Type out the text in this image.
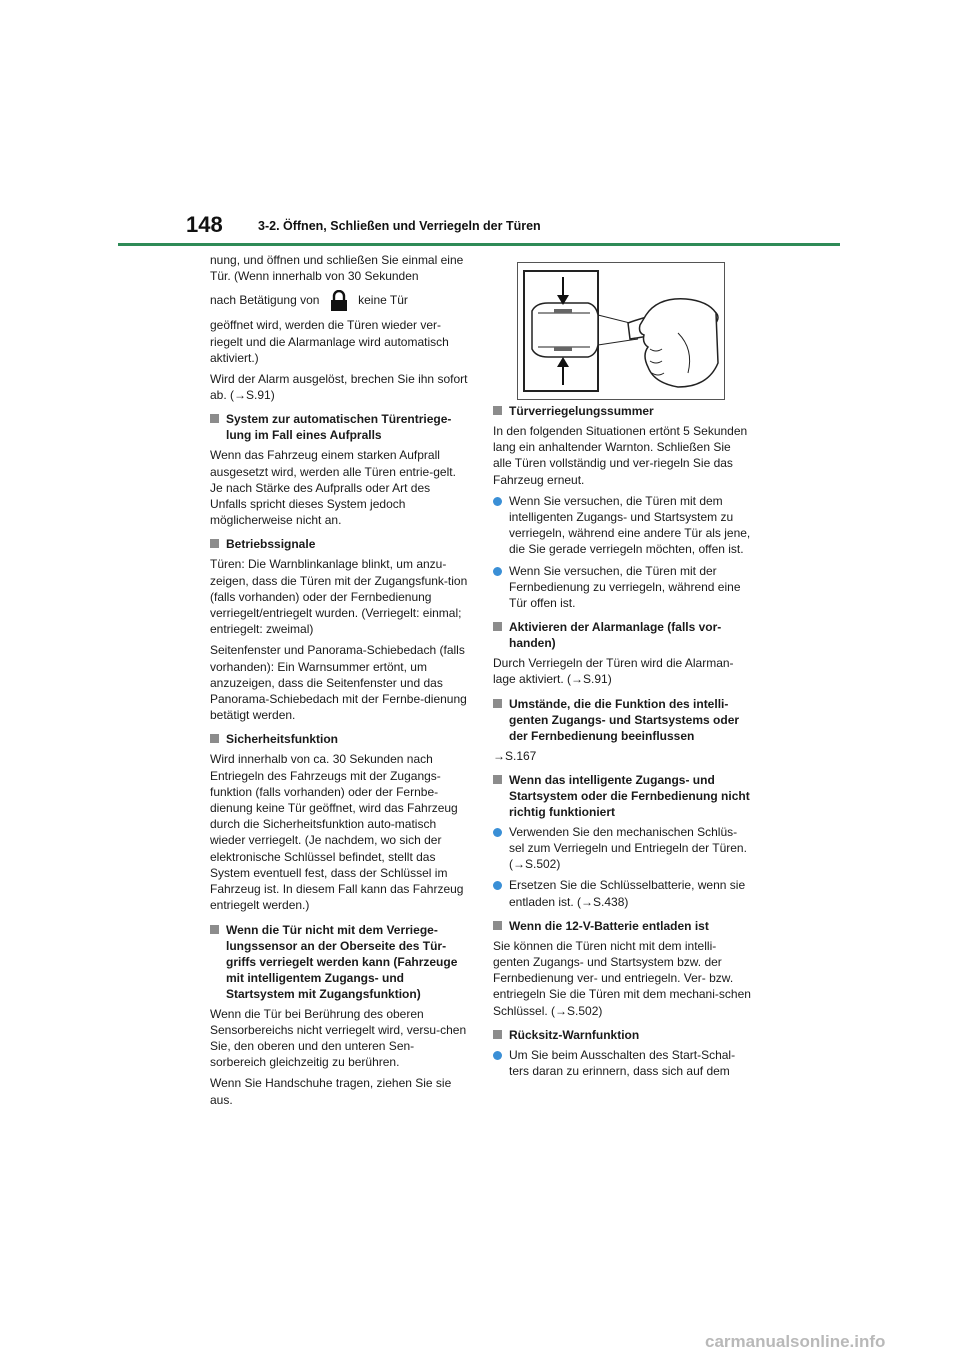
148	3-2. Öffnen, Schließen und Verriegeln der Türen

nung, und öffnen und schließen Sie einmal eine Tür. (Wenn innerhalb von 30 Sekunden

nach Betätigung von	keine Tür

geöffnet wird, werden die Türen wieder ver-riegelt und die Alarmanlage wird automatisch aktiviert.)

Wird der Alarm ausgelöst, brechen Sie ihn sofort ab. (→S.91)

System zur automatischen Türentriege-lung im Fall eines Aufpralls

Wenn das Fahrzeug einem starken Aufprall ausgesetzt wird, werden alle Türen entrie-gelt. Je nach Stärke des Aufpralls oder Art des Unfalls spricht dieses System jedoch möglicherweise nicht an.

Betriebssignale

Türen: Die Warnblinkanlage blinkt, um anzu-zeigen, dass die Türen mit der Zugangsfunk-tion (falls vorhanden) oder der Fernbedienung verriegelt/entriegelt wurden. (Verriegelt: einmal; entriegelt: zweimal)

Seitenfenster und Panorama-Schiebedach (falls vorhanden): Ein Warnsummer ertönt, um anzuzeigen, dass die Seitenfenster und das Panorama-Schiebedach mit der Fernbe-dienung betätigt werden.

Sicherheitsfunktion

Wird innerhalb von ca. 30 Sekunden nach Entriegeln des Fahrzeugs mit der Zugangs-funktion (falls vorhanden) oder der Fernbe-dienung keine Tür geöffnet, wird das Fahrzeug durch die Sicherheitsfunktion auto-matisch wieder verriegelt. (Je nachdem, wo sich der elektronische Schlüssel befindet, stellt das System eventuell fest, dass der Schlüssel im Fahrzeug ist. In diesem Fall kann das Fahrzeug entriegelt werden.)

Wenn die Tür nicht mit dem Verriege-lungssensor an der Oberseite des Tür-griffs verriegelt werden kann (Fahrzeuge mit intelligentem Zugangs- und Startsystem mit Zugangsfunktion)

Wenn die Tür bei Berührung des oberen Sensorbereichs nicht verriegelt wird, versu-chen Sie, den oberen und den unteren Sen-sorbereich gleichzeitig zu berühren.

Wenn Sie Handschuhe tragen, ziehen Sie sie aus.

Türverriegelungssummer

In den folgenden Situationen ertönt 5 Sekunden lang ein anhaltender Warnton. Schließen Sie alle Türen vollständig und ver-riegeln Sie das Fahrzeug erneut.

Wenn Sie versuchen, die Türen mit dem intelligenten Zugangs- und Startsystem zu verriegeln, während eine andere Tür als jene, die Sie gerade verriegeln möchten, offen ist.

Wenn Sie versuchen, die Türen mit der Fernbedienung zu verriegeln, während eine Tür offen ist.

Aktivieren der Alarmanlage (falls vor-handen)

Durch Verriegeln der Türen wird die Alarman-lage aktiviert. (→S.91)

Umstände, die die Funktion des intelli-genten Zugangs- und Startsystems oder der Fernbedienung beeinflussen

→S.167

Wenn das intelligente Zugangs- und Startsystem oder die Fernbedienung nicht richtig funktioniert

Verwenden Sie den mechanischen Schlüs-sel zum Verriegeln und Entriegeln der Türen. (→S.502)

Ersetzen Sie die Schlüsselbatterie, wenn sie entladen ist. (→S.438)

Wenn die 12-V-Batterie entladen ist

Sie können die Türen nicht mit dem intelli-genten Zugangs- und Startsystem bzw. der Fernbedienung ver- und entriegeln. Ver- bzw. entriegeln Sie die Türen mit dem mechani-schen Schlüssel. (→S.502)

Rücksitz-Warnfunktion

Um Sie beim Ausschalten des Start-Schal-ters daran zu erinnern, dass sich auf dem

carmanualsonline.info
